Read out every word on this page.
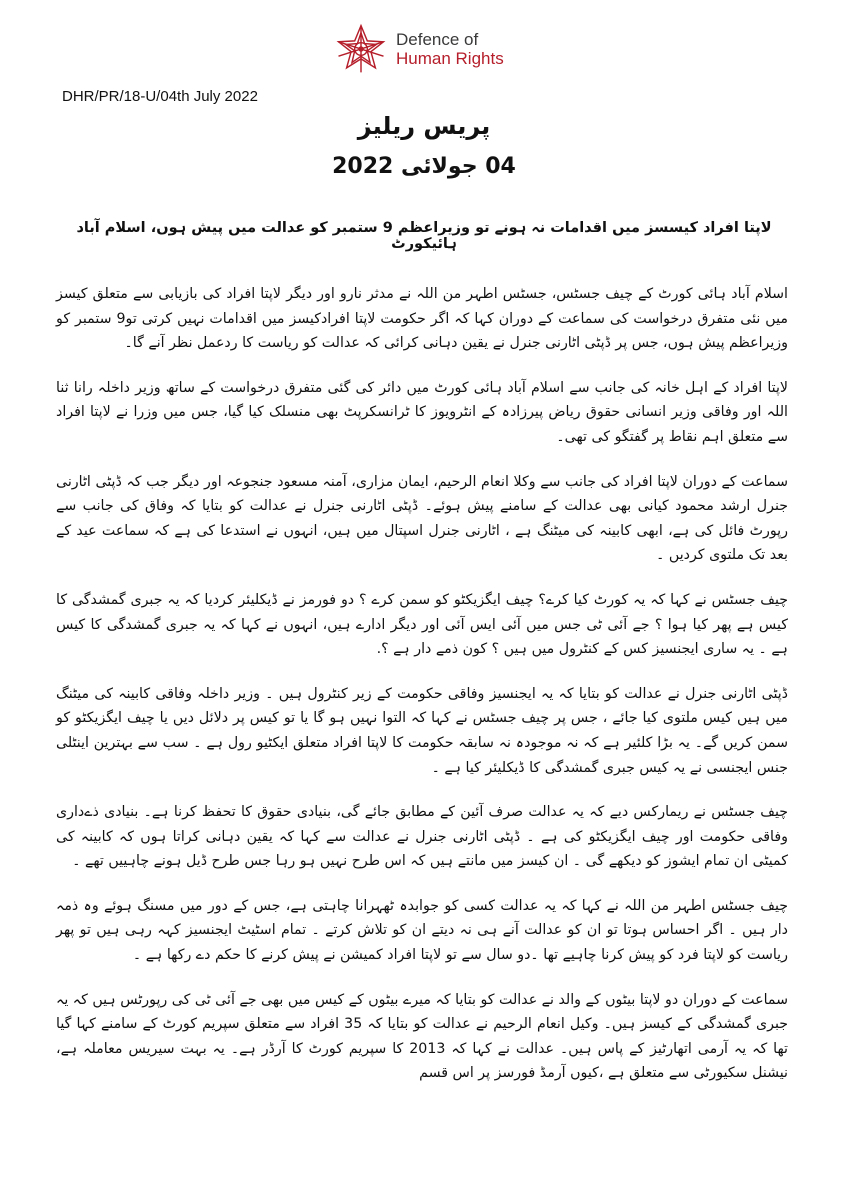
Defence of
Human Rights
DHR/PR/18-U/04th July 2022
پریس ریلیز
04 جولائی 2022
لاپتا افراد کیسسز میں اقدامات نہ ہونے تو وزیراعظم 9 ستمبر کو عدالت میں پیش ہوں، اسلام آباد ہائیکورٹ

اسلام آباد ہائی کورٹ کے چیف جسٹس، جسٹس اطہر من اللہ نے مدثر نارو اور دیگر لاپتا افراد کی بازیابی سے متعلق کیسز میں نئی متفرق درخواست کی سماعت کے دوران کہا کہ اگر حکومت لاپتا افرادکیسز میں اقدامات نہیں کرتی تو9 ستمبر کو وزیراعظم پیش ہوں، جس پر ڈپٹی اٹارنی جنرل نے یقین دہانی کرائی کہ عدالت کو ریاست کا ردعمل نظر آنے گا۔

لاپتا افراد کے اہل خانہ کی جانب سے اسلام آباد ہائی کورٹ میں دائر کی گئی متفرق درخواست کے ساتھ وزیر داخلہ رانا ثنا اللہ اور وفاقی وزیر انسانی حقوق ریاض پیرزادہ کے انٹرویوز کا ٹرانسکرپٹ بھی منسلک کیا گیا، جس میں وزرا نے لاپتا افراد سے متعلق اہم نقاط پر گفتگو کی تھی۔

سماعت کے دوران لاپتا افراد کی جانب سے وکلا انعام الرحیم، ایمان مزاری، آمنہ مسعود جنجوعہ اور دیگر جب کہ ڈپٹی اٹارنی جنرل ارشد محمود کیانی بھی عدالت کے سامنے پیش ہوئے۔ ڈپٹی اٹارنی جنرل نے عدالت کو بتایا کہ وفاق کی جانب سے رپورٹ فائل کی ہے، ابھی کابینہ کی میٹنگ ہے ، اٹارنی جنرل اسپتال میں ہیں، انہوں نے استدعا کی ہے کہ سماعت عید کے بعد تک ملتوی کردیں ۔

چیف جسٹس نے کہا کہ یہ کورٹ کیا کرے؟ چیف ایگزیکٹو کو سمن کرے ؟ دو فورمز نے ڈیکلیئر کردیا کہ یہ جبری گمشدگی کا کیس ہے پھر کیا ہوا ؟ جے آئی ٹی جس میں آئی ایس آئی اور دیگر ادارے ہیں، انہوں نے کہا کہ یہ جبری گمشدگی کا کیس ہے ۔ یہ ساری ایجنسیز کس کے کنٹرول میں ہیں ؟ کون ذمے دار ہے ؟.

ڈپٹی اٹارنی جنرل نے عدالت کو بتایا کہ یہ ایجنسیز وفاقی حکومت کے زیر کنٹرول ہیں ۔ وزیر داخلہ وفاقی کابینہ کی میٹنگ میں ہیں کیس ملتوی کیا جائے ، جس پر چیف جسٹس نے کہا کہ التوا نہیں ہو گا یا تو کیس پر دلائل دیں یا چیف ایگزیکٹو کو سمن کریں گے۔ یہ بڑا کلئیر ہے کہ نہ موجودہ نہ سابقہ حکومت کا لاپتا افراد متعلق ایکٹیو رول ہے ۔ سب سے بہترین اینٹلی جنس ایجنسی نے یہ کیس جبری گمشدگی کا ڈیکلیئر کیا ہے ۔

چیف جسٹس نے ریمارکس دیے کہ یہ عدالت صرف آئین کے مطابق جائے گی، بنیادی حقوق کا تحفظ کرنا ہے۔ بنیادی ذےداری وفاقی حکومت اور چیف ایگزیکٹو کی ہے ۔ ڈپٹی اٹارنی جنرل نے عدالت سے کہا کہ یقین دہانی کراتا ہوں کہ کابینہ کی کمیٹی ان تمام ایشوز کو دیکھے گی ۔ ان کیسز میں مانتے ہیں کہ اس طرح نہیں ہو رہا جس طرح ڈیل ہونے چاہییں تھے ۔

چیف جسٹس اطہر من اللہ نے کہا کہ یہ عدالت کسی کو جوابدہ ٹھہرانا چاہتی ہے، جس کے دور میں مسنگ ہوئے وہ ذمہ دار ہیں ۔ اگر احساس ہوتا تو ان کو عدالت آنے ہی نہ دیتے ان کو تلاش کرتے ۔ تمام اسٹیٹ ایجنسیز کہہ رہی ہیں تو پھر ریاست کو لاپتا فرد کو پیش کرنا چاہیے تھا ۔دو سال سے تو لاپتا افراد کمیشن نے پیش کرنے کا حکم دے رکھا ہے ۔

سماعت کے دوران دو لاپتا بیٹوں کے والد نے عدالت کو بتایا کہ میرے بیٹوں کے کیس میں بھی جے آئی ٹی کی رپورٹس ہیں کہ یہ جبری گمشدگی کے کیسز ہیں۔ وکیل انعام الرحیم نے عدالت کو بتایا کہ 35 افراد سے متعلق سپریم کورٹ کے سامنے کہا گیا تھا کہ یہ آرمی اتھارٹیز کے پاس ہیں۔ عدالت نے کہا کہ 2013 کا سپریم کورٹ کا آرڈر ہے۔ یہ بہت سیریس معاملہ ہے، نیشنل سکیورٹی سے متعلق ہے ،کیوں آرمڈ فورسز پر اس قسم
